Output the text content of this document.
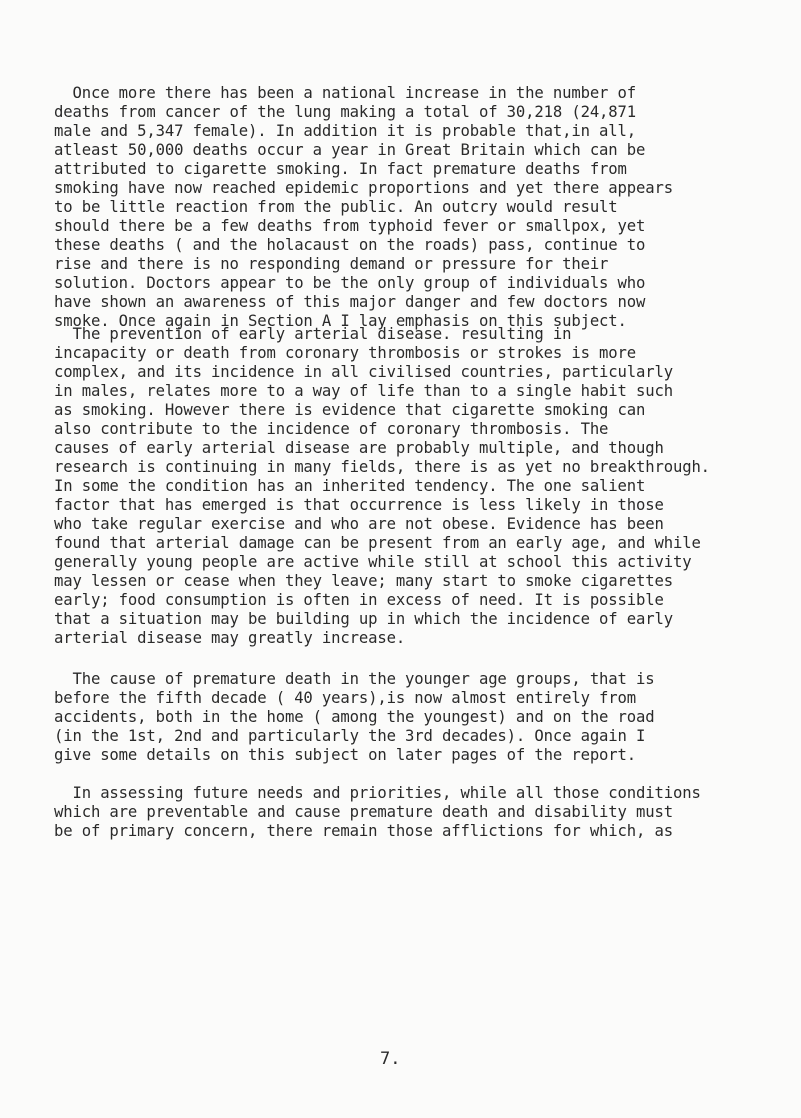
Once more there has been a national increase in the number of

deaths from cancer of the lung making a total of 30,218 (24,871

male and 5,347 female). In addition it is probable that,in all,

atleast 50,000 deaths occur a year in Great Britain which can be

attributed to cigarette smoking. In fact premature deaths from

smoking have now reached epidemic proportions and yet there appears

to be little reaction from the public. An outcry would result

should there be a few deaths from typhoid fever or smallpox, yet

these deaths ( and the holacaust on the roads) pass, continue to

rise and there is no responding demand or pressure for their

solution. Doctors appear to be the only group of individuals who

have shown an awareness of this major danger and few doctors now

smoke. Once again in Section A I lay emphasis on this subject.

The prevention of early arterial disease. resulting in

incapacity or death from coronary thrombosis or strokes is more

complex, and its incidence in all civilised countries, particularly

in males, relates more to a way of life than to a single habit such

as smoking. However there is evidence that cigarette smoking can

also contribute to the incidence of coronary thrombosis. The

causes of early arterial disease are probably multiple, and though

research is continuing in many fields, there is as yet no breakthrough.

In some the condition has an inherited tendency. The one salient

factor that has emerged is that occurrence is less likely in those

who take regular exercise and who are not obese. Evidence has been

found that arterial damage can be present from an early age, and while

generally young people are active while still at school this activity

may lessen or cease when they leave; many start to smoke cigarettes

early; food consumption is often in excess of need. It is possible

that a situation may be building up in which the incidence of early

arterial disease may greatly increase.

The cause of premature death in the younger age groups, that is

before the fifth decade ( 40 years),is now almost entirely from

accidents, both in the home ( among the youngest) and on the road

(in the 1st, 2nd and particularly the 3rd decades). Once again I

give some details on this subject on later pages of the report.

In assessing future needs and priorities, while all those conditions

which are preventable and cause premature death and disability must

be of primary concern, there remain those afflictions for which, as

7.
